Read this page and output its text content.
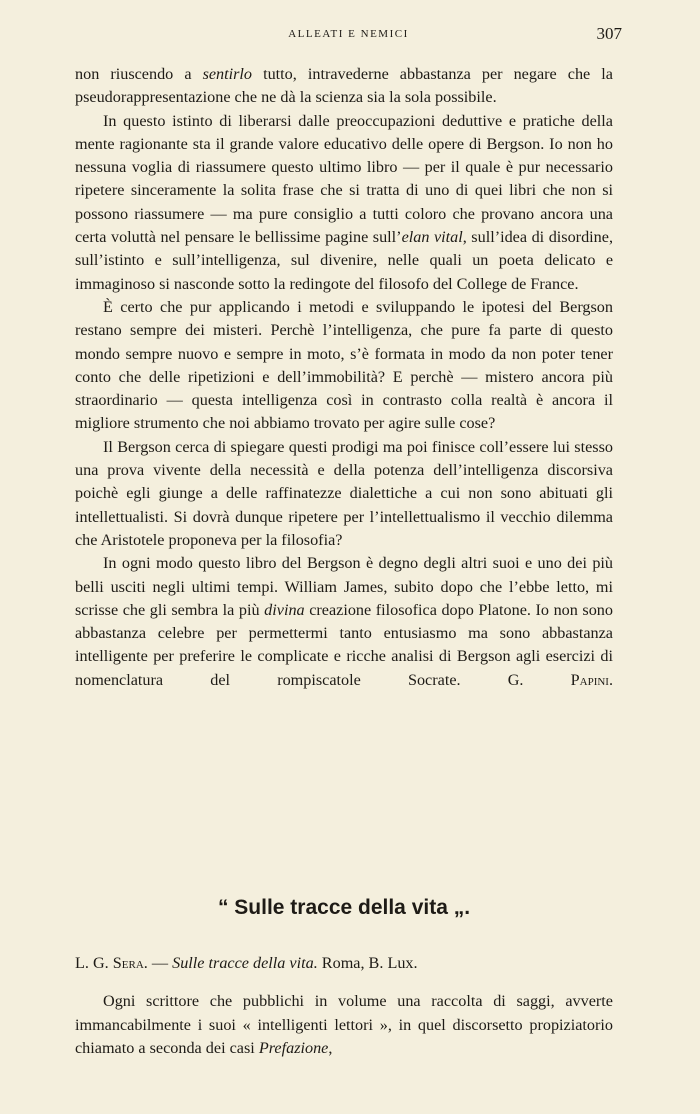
ALLEATI E NEMICI	307

non riuscendo a sentirlo tutto, intravederne abbastanza per negare che la pseudorappresentazione che ne dà la scienza sia la sola possibile.

In questo istinto di liberarsi dalle preoccupazioni deduttive e pratiche della mente ragionante sta il grande valore educativo delle opere di Bergson. Io non ho nessuna voglia di riassumere questo ultimo libro — per il quale è pur necessario ripetere sinceramente la solita frase che si tratta di uno di quei libri che non si possono riassumere — ma pure consiglio a tutti coloro che provano ancora una certa voluttà nel pensare le bellissime pagine sull’elan vital, sull’idea di disordine, sull’istinto e sull’intelligenza, sul divenire, nelle quali un poeta delicato e immaginoso si nasconde sotto la redingote del filosofo del College de France.

È certo che pur applicando i metodi e sviluppando le ipotesi del Bergson restano sempre dei misteri. Perchè l’intelligenza, che pure fa parte di questo mondo sempre nuovo e sempre in moto, s’è formata in modo da non poter tener conto che delle ripetizioni e dell’immobilità? E perchè — mistero ancora più straordinario — questa intelligenza così in contrasto colla realtà è ancora il migliore strumento che noi abbiamo trovato per agire sulle cose?

Il Bergson cerca di spiegare questi prodigi ma poi finisce coll’essere lui stesso una prova vivente della necessità e della potenza dell’intelligenza discorsiva poichè egli giunge a delle raffinatezze dialettiche a cui non sono abituati gli intellettualisti. Si dovrà dunque ripetere per l’intellettualismo il vecchio dilemma che Aristotele proponeva per la filosofia?

In ogni modo questo libro del Bergson è degno degli altri suoi e uno dei più belli usciti negli ultimi tempi. William James, subito dopo che l’ebbe letto, mi scrisse che gli sembra la più divina creazione filosofica dopo Platone. Io non sono abbastanza celebre per permettermi tanto entusiasmo ma sono abbastanza intelligente per preferire le complicate e ricche analisi di Bergson agli esercizi di nomenclatura del rompiscatole Socrate.	G. Papini.

“ Sulle tracce della vita „.

L. G. Sera. — Sulle tracce della vita. Roma, B. Lux.

Ogni scrittore che pubblichi in volume una raccolta di saggi, avverte immancabilmente i suoi « intelligenti lettori », in quel discorsetto propiziatorio chiamato a seconda dei casi Prefazione,
